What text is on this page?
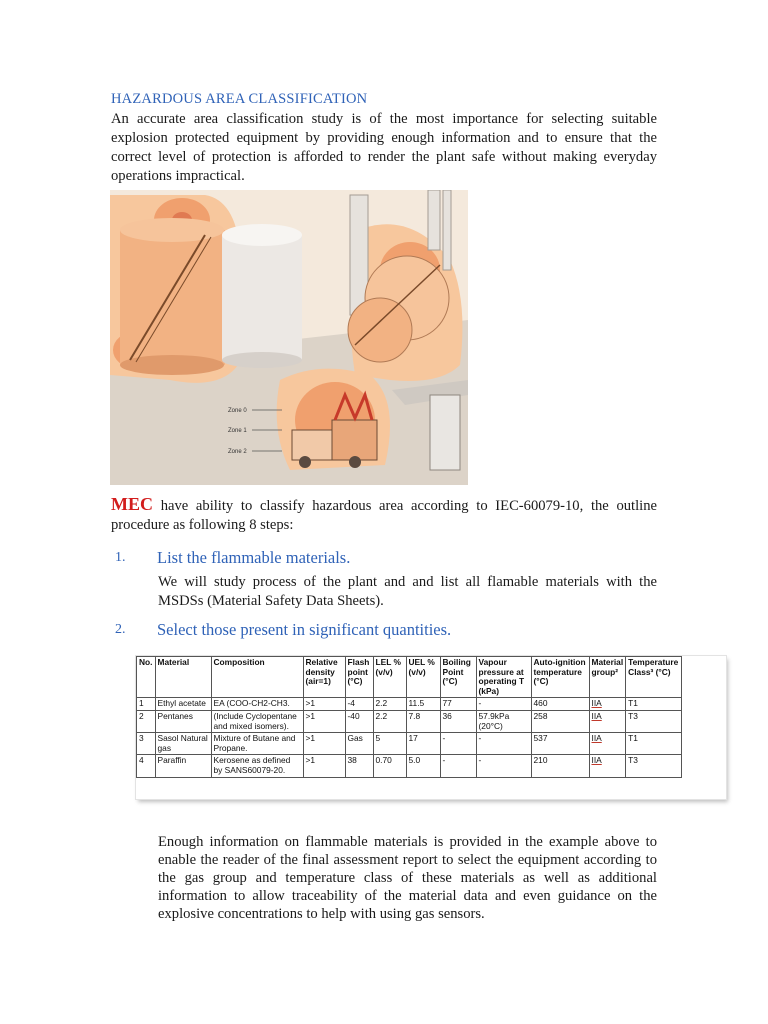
HAZARDOUS AREA CLASSIFICATION
An accurate area classification study is of the most importance for selecting suitable explosion protected equipment by providing enough information and to ensure that the correct level of protection is afforded to render the plant safe without making everyday operations impractical.
Zone 0
Zone 1
Zone 2
MEC have ability to classify hazardous area according to IEC-60079-10, the outline procedure as following 8 steps:
1. List the flammable materials.
We will study process of the plant and and list all flamable materials with the MSDSs (Material Safety Data Sheets).
2. Select those present in significant quantities.
No.	Material	Composition	Relative density (air=1)	Flash point (°C)	LEL % (v/v)	UEL % (v/v)	Boiling Point (°C)	Vapour pressure at operating T (kPa)	Auto-ignition temperature (°C)	Material group²	Temperature Class³ (°C)
1	Ethyl acetate	EA (COO-CH2-CH3.	>1	-4	2.2	11.5	77	-	460	IIA	T1
2	Pentanes	(Include Cyclopentane and mixed isomers).	>1	-40	2.2	7.8	36	57.9kPa (20°C)	258	IIA	T3
3	Sasol Natural gas	Mixture of Butane and Propane.	>1	Gas	5	17	-	-	537	IIA	T1
4	Paraffin	Kerosene as defined by SANS60079-20.	>1	38	0.70	5.0	-	-	210	IIA	T3
Enough information on flammable materials is provided in the example above to enable the reader of the final assessment report to select the equipment according to the gas group and temperature class of these materials as well as additional information to allow traceability of the material data and even guidance on the explosive concentrations to help with using gas sensors.
